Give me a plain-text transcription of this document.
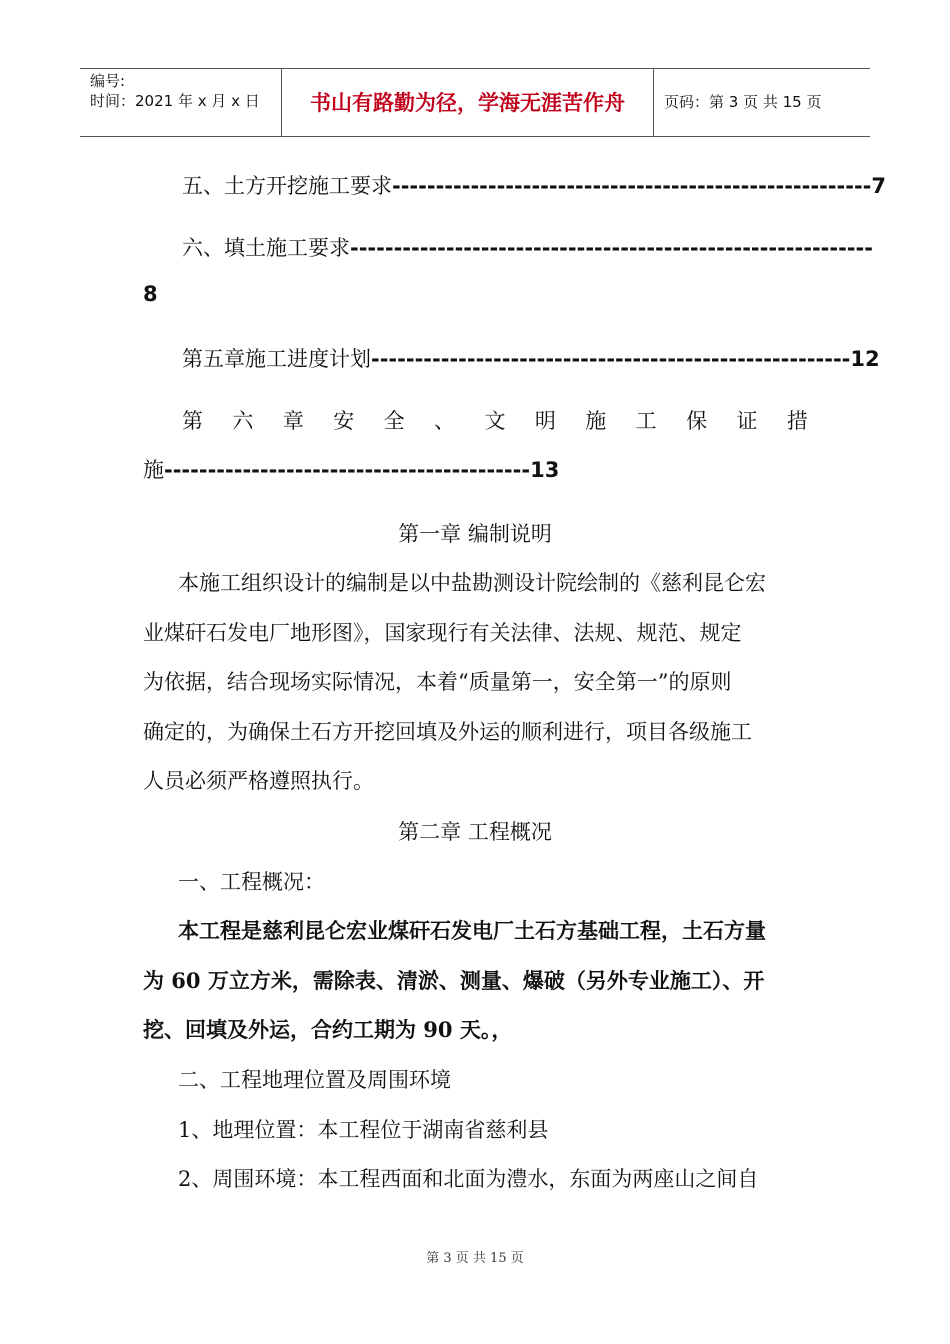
编号:
时间：2021 年 x 月 x 日	书山有路勤为径，学海无涯苦作舟	页码：第 3 页 共 15 页
五、土方开挖施工要求-------------------------------------------------------7
六、填土施工要求------------------------------------------------------------
8
第五章施工进度计划-------------------------------------------------------12
第 六 章 安 全 、 文 明 施 工 保 证 措
施------------------------------------------13
第一章 编制说明
本施工组织设计的编制是以中盐勘测设计院绘制的《慈利昆仑宏
业煤矸石发电厂地形图》，国家现行有关法律、法规、规范、规定
为依据，结合现场实际情况，本着“质量第一，安全第一”的原则
确定的，为确保土石方开挖回填及外运的顺利进行，项目各级施工
人员必须严格遵照执行。
第二章 工程概况
一、工程概况：
本工程是慈利昆仑宏业煤矸石发电厂土石方基础工程，土石方量
为 60 万立方米，需除表、清淤、测量、爆破（另外专业施工）、开
挖、回填及外运，合约工期为 90 天。，
二、工程地理位置及周围环境
1、地理位置：本工程位于湖南省慈利县
2、周围环境：本工程西面和北面为澧水，东面为两座山之间自
第 3 页 共 15 页
